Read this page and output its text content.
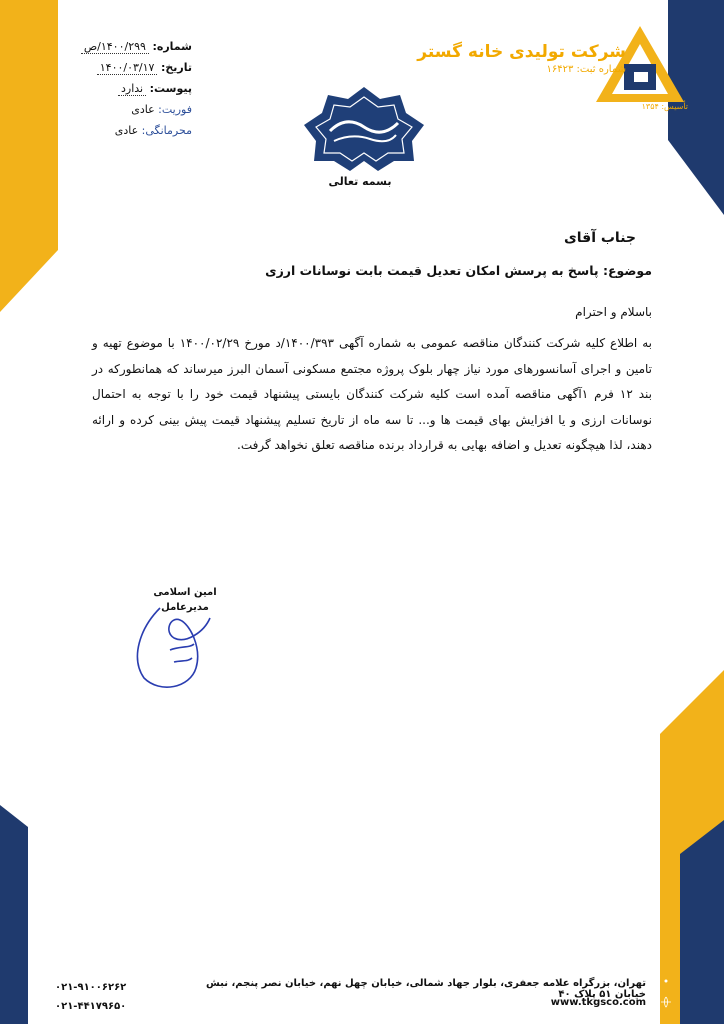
شماره: ۱۴۰۰/۲۹۹/ص
تاریخ: ۱۴۰۰/۰۳/۱۷
پیوست: ندارد
فوریت: عادی
محرمانگی: عادی
شرکت تولیدی خانه گستر
شماره ثبت: ۱۶۴۲۳
تأسیس: ۱۳۵۴
بسمه تعالی
جناب آقای
موضوع: پاسخ به پرسش امکان تعدیل قیمت بابت نوسانات ارزی
باسلام و احترام
به اطلاع کلیه شرکت کنندگان مناقصه عمومی به شماره آگهی ۱۴۰۰/۳۹۳/د مورخ ۱۴۰۰/۰۲/۲۹ با موضوع تهیه و تامین و اجرای آسانسورهای مورد نیاز چهار بلوک پروژه مجتمع مسکونی آسمان البرز میرساند که همانطورکه در بند ۱۲ فرم ۱آگهی مناقصه آمده است کلیه شرکت کنندگان بایستی پیشنهاد قیمت خود را با توجه به احتمال نوسانات ارزی و یا افزایش بهای قیمت ها و... تا سه ماه از تاریخ تسلیم پیشنهاد قیمت پیش بینی کرده و ارائه دهند، لذا هیچگونه تعدیل و اضافه بهایی به قرارداد برنده مناقصه تعلق نخواهد گرفت.
امین اسلامی
مدیرعامل
تهران، بزرگراه علامه جعفری، بلوار جهاد شمالی، خیابان چهل نهم، خیابان نصر پنجم، نبش خیابان ۵۱ پلاک ۴۰
www.tkgsco.com
۰۲۱-۹۱۰۰۶۲۶۲
۰۲۱-۴۴۱۷۹۶۵۰
